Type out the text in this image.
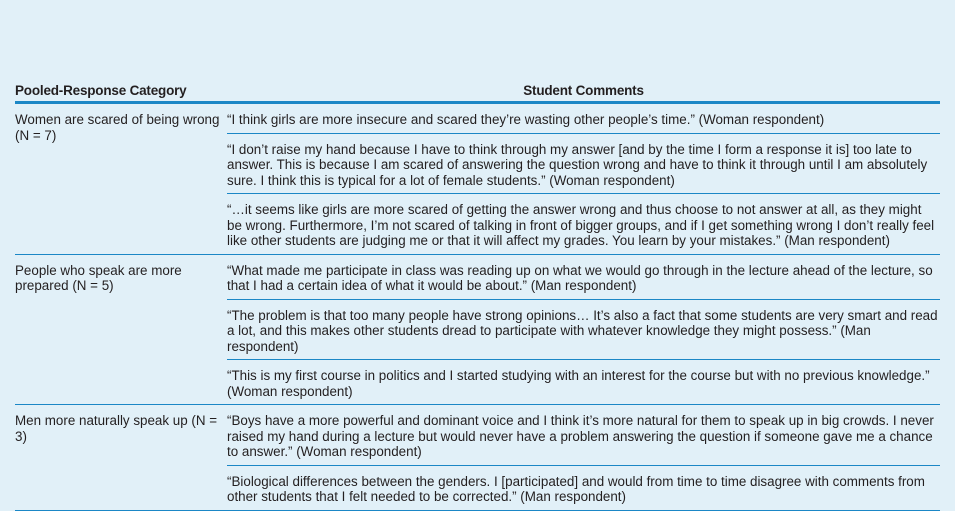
Pooled-Response Category	Student Comments
Women are scared of being wrong (N = 7)
“I think girls are more insecure and scared they’re wasting other people’s time.” (Woman respondent)
“I don’t raise my hand because I have to think through my answer [and by the time I form a response it is] too late to answer. This is because I am scared of answering the question wrong and have to think it through until I am absolutely sure. I think this is typical for a lot of female students.” (Woman respondent)
“…it seems like girls are more scared of getting the answer wrong and thus choose to not answer at all, as they might be wrong. Furthermore, I’m not scared of talking in front of bigger groups, and if I get something wrong I don’t really feel like other students are judging me or that it will affect my grades. You learn by your mistakes.” (Man respondent)
People who speak are more prepared (N = 5)
“What made me participate in class was reading up on what we would go through in the lecture ahead of the lecture, so that I had a certain idea of what it would be about.” (Man respondent)
“The problem is that too many people have strong opinions… It’s also a fact that some students are very smart and read a lot, and this makes other students dread to participate with whatever knowledge they might possess.” (Man respondent)
“This is my first course in politics and I started studying with an interest for the course but with no previous knowledge.” (Woman respondent)
Men more naturally speak up (N = 3)
“Boys have a more powerful and dominant voice and I think it’s more natural for them to speak up in big crowds. I never raised my hand during a lecture but would never have a problem answering the question if someone gave me a chance to answer.” (Woman respondent)
“Biological differences between the genders. I [participated] and would from time to time disagree with comments from other students that I felt needed to be corrected.” (Man respondent)
